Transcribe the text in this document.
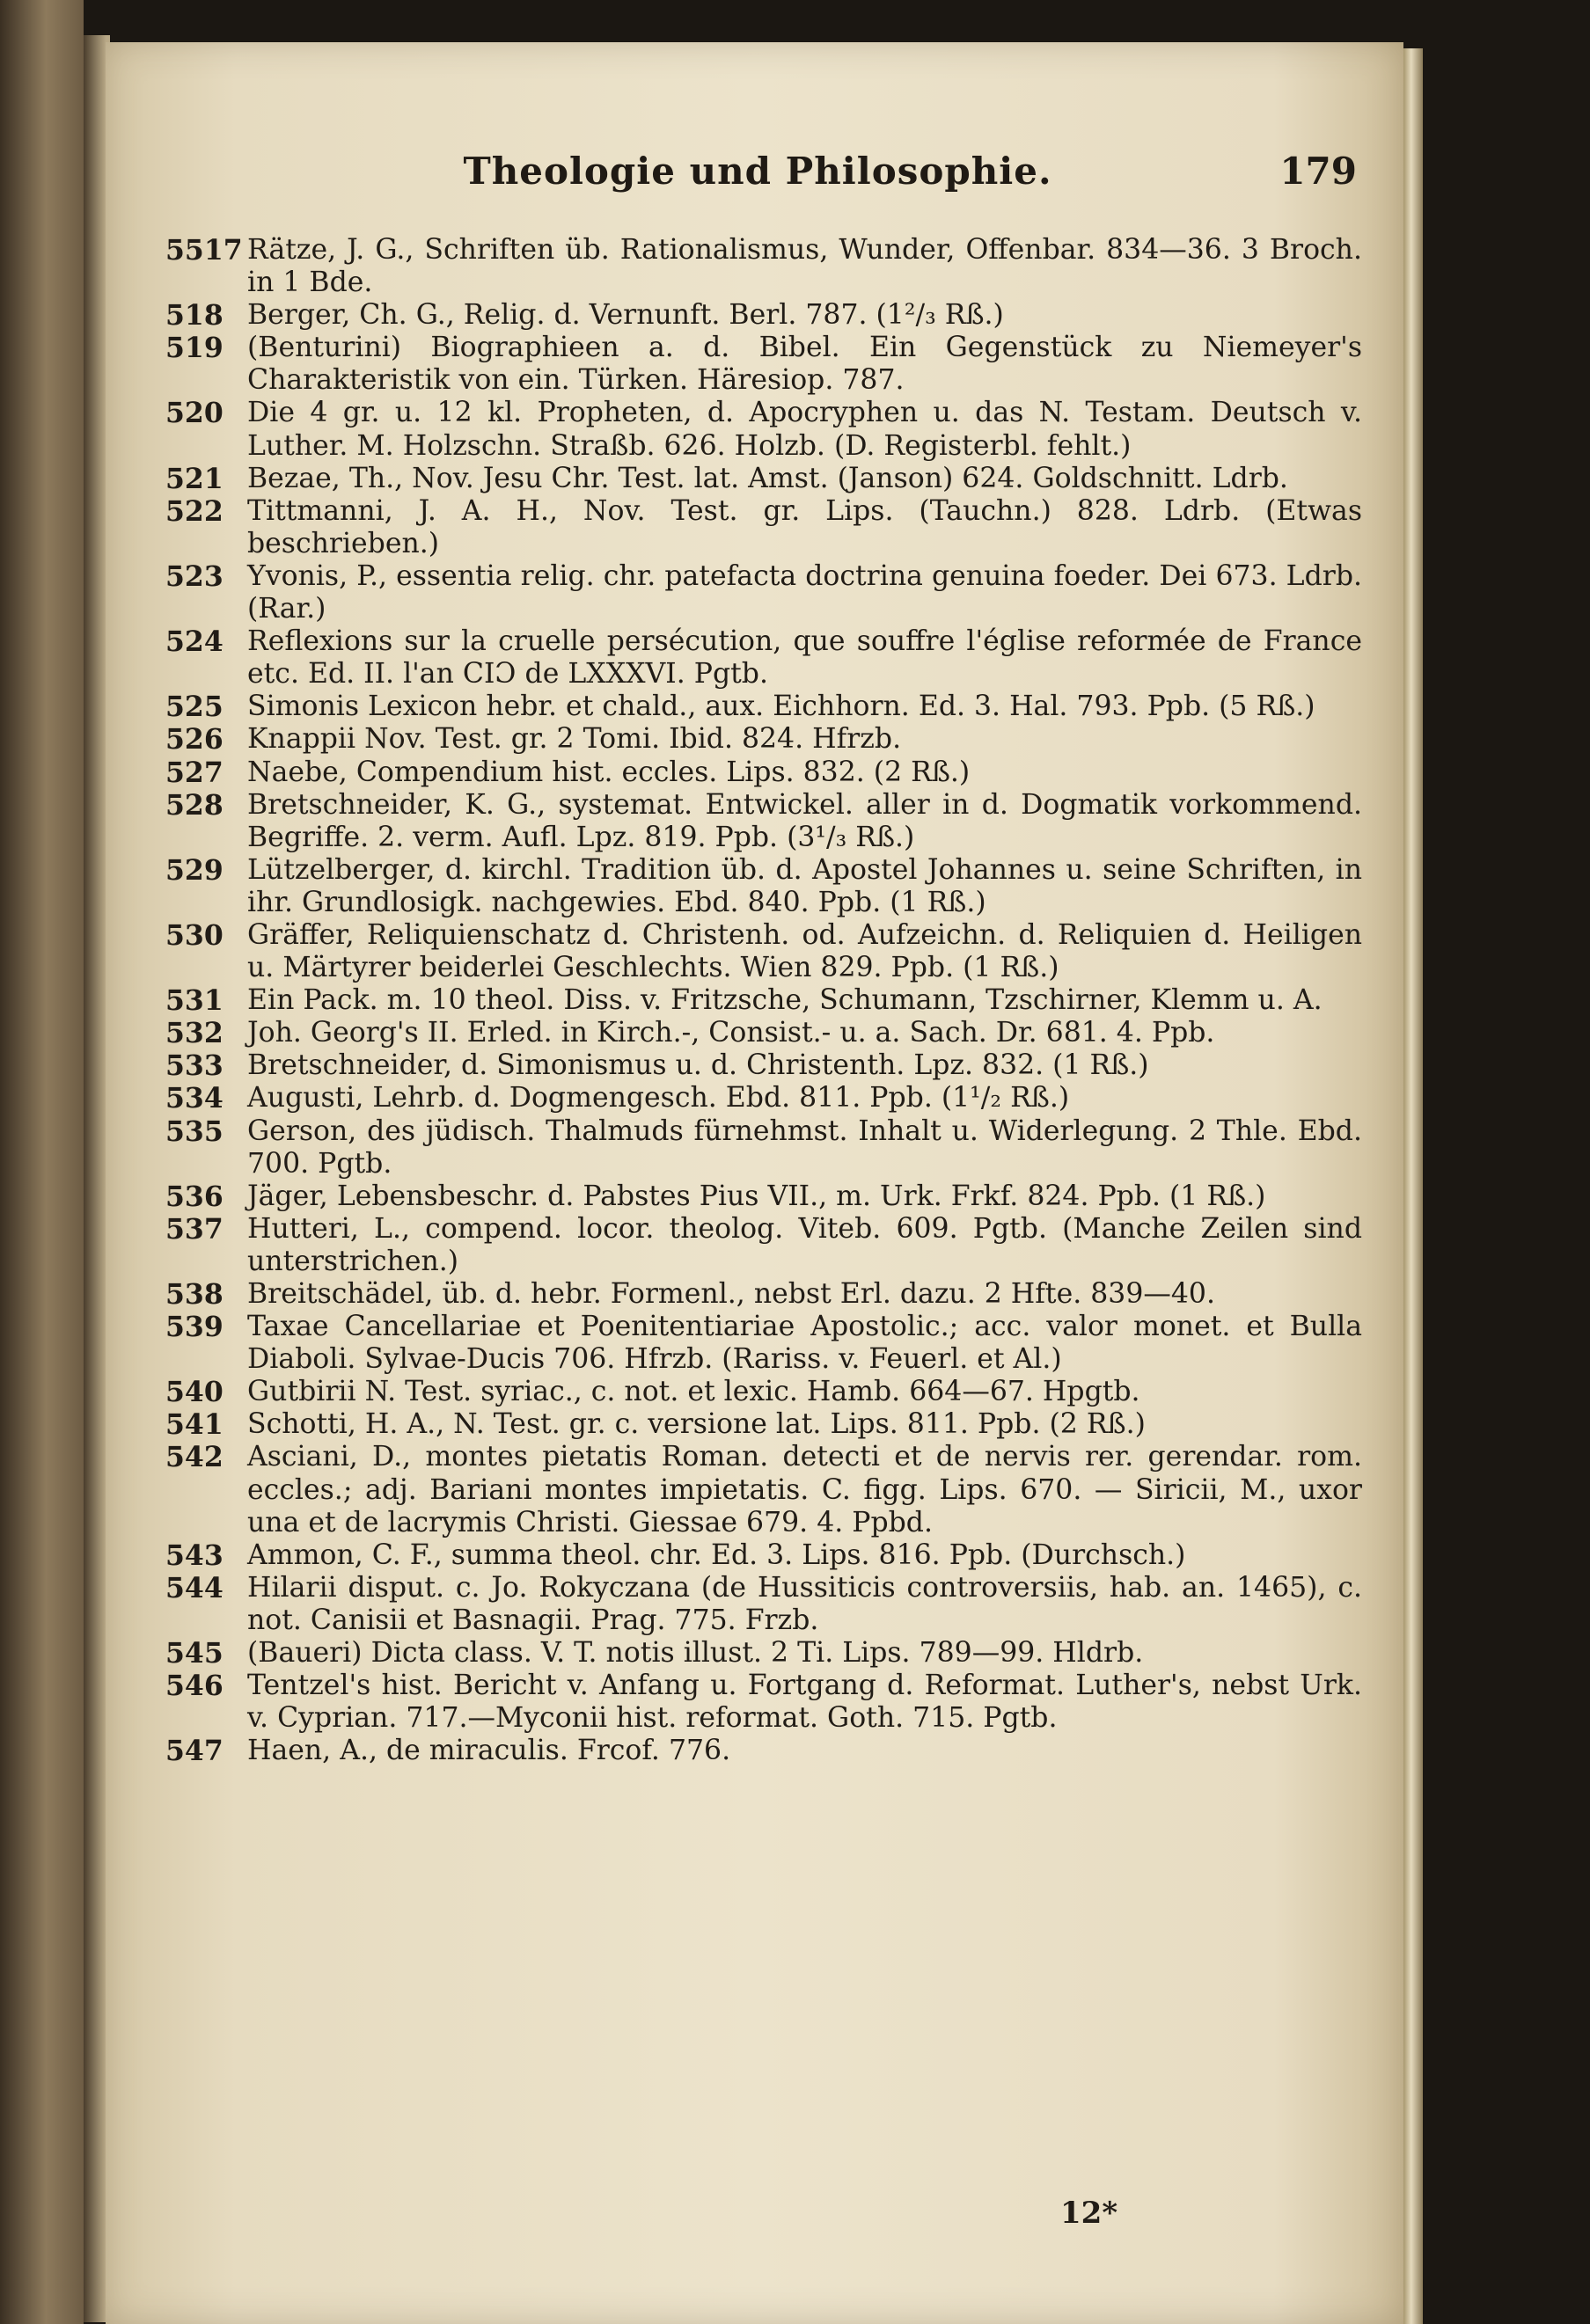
Theologie und Philosophie.	179
5517 Rätze, J. G., Schriften üb. Rationalismus, Wunder, Offenbar. 834—36. 3 Broch. in 1 Bde.
518 Berger, Ch. G., Relig. d. Vernunft. Berl. 787. (1²/₃ Rß.)
519 (Benturini) Biographieen a. d. Bibel. Ein Gegenstück zu Niemeyer's Charakteristik von ein. Türken. Häresiop. 787.
520 Die 4 gr. u. 12 kl. Propheten, d. Apocryphen u. das N. Testam. Deutsch v. Luther. M. Holzschn. Straßb. 626. Holzb. (D. Registerbl. fehlt.)
521 Bezae, Th., Nov. Jesu Chr. Test. lat. Amst. (Janson) 624. Goldschnitt. Ldrb.
522 Tittmanni, J. A. H., Nov. Test. gr. Lips. (Tauchn.) 828. Ldrb. (Etwas beschrieben.)
523 Yvonis, P., essentia relig. chr. patefacta doctrina genuina foeder. Dei 673. Ldrb. (Rar.)
524 Reflexions sur la cruelle persécution, que souffre l'église reformée de France etc. Ed. II. l'an CIƆ de LXXXVI. Pgtb.
525 Simonis Lexicon hebr. et chald., aux. Eichhorn. Ed. 3. Hal. 793. Ppb. (5 Rß.)
526 Knappii Nov. Test. gr. 2 Tomi. Ibid. 824. Hfrzb.
527 Naebe, Compendium hist. eccles. Lips. 832. (2 Rß.)
528 Bretschneider, K. G., systemat. Entwickel. aller in d. Dogmatik vorkommend. Begriffe. 2. verm. Aufl. Lpz. 819. Ppb. (3¹/₃ Rß.)
529 Lützelberger, d. kirchl. Tradition üb. d. Apostel Johannes u. seine Schriften, in ihr. Grundlosigk. nachgewies. Ebd. 840. Ppb. (1 Rß.)
530 Gräffer, Reliquienschatz d. Christenh. od. Aufzeichn. d. Reliquien d. Heiligen u. Märtyrer beiderlei Geschlechts. Wien 829. Ppb. (1 Rß.)
531 Ein Pack. m. 10 theol. Diss. v. Fritzsche, Schumann, Tzschirner, Klemm u. A.
532 Joh. Georg's II. Erled. in Kirch.-, Consist.- u. a. Sach. Dr. 681. 4. Ppb.
533 Bretschneider, d. Simonismus u. d. Christenth. Lpz. 832. (1 Rß.)
534 Augusti, Lehrb. d. Dogmengesch. Ebd. 811. Ppb. (1¹/₂ Rß.)
535 Gerson, des jüdisch. Thalmuds fürnehmst. Inhalt u. Widerlegung. 2 Thle. Ebd. 700. Pgtb.
536 Jäger, Lebensbeschr. d. Pabstes Pius VII., m. Urk. Frkf. 824. Ppb. (1 Rß.)
537 Hutteri, L., compend. locor. theolog. Viteb. 609. Pgtb. (Manche Zeilen sind unterstrichen.)
538 Breitschädel, üb. d. hebr. Formenl., nebst Erl. dazu. 2 Hfte. 839—40.
539 Taxae Cancellariae et Poenitentiariae Apostolic.; acc. valor monet. et Bulla Diaboli. Sylvae-Ducis 706. Hfrzb. (Rariss. v. Feuerl. et Al.)
540 Gutbirii N. Test. syriac., c. not. et lexic. Hamb. 664—67. Hpgtb.
541 Schotti, H. A., N. Test. gr. c. versione lat. Lips. 811. Ppb. (2 Rß.)
542 Asciani, D., montes pietatis Roman. detecti et de nervis rer. gerendar. rom. eccles.; adj. Bariani montes impietatis. C. figg. Lips. 670. — Siricii, M., uxor una et de lacrymis Christi. Giessae 679. 4. Ppbd.
543 Ammon, C. F., summa theol. chr. Ed. 3. Lips. 816. Ppb. (Durchsch.)
544 Hilarii disput. c. Jo. Rokyczana (de Hussiticis controversiis, hab. an. 1465), c. not. Canisii et Basnagii. Prag. 775. Frzb.
545 (Baueri) Dicta class. V. T. notis illust. 2 Ti. Lips. 789—99. Hldrb.
546 Tentzel's hist. Bericht v. Anfang u. Fortgang d. Reformat. Luther's, nebst Urk. v. Cyprian. 717.—Myconii hist. reformat. Goth. 715. Pgtb.
547 Haen, A., de miraculis. Frcof. 776.
12*
